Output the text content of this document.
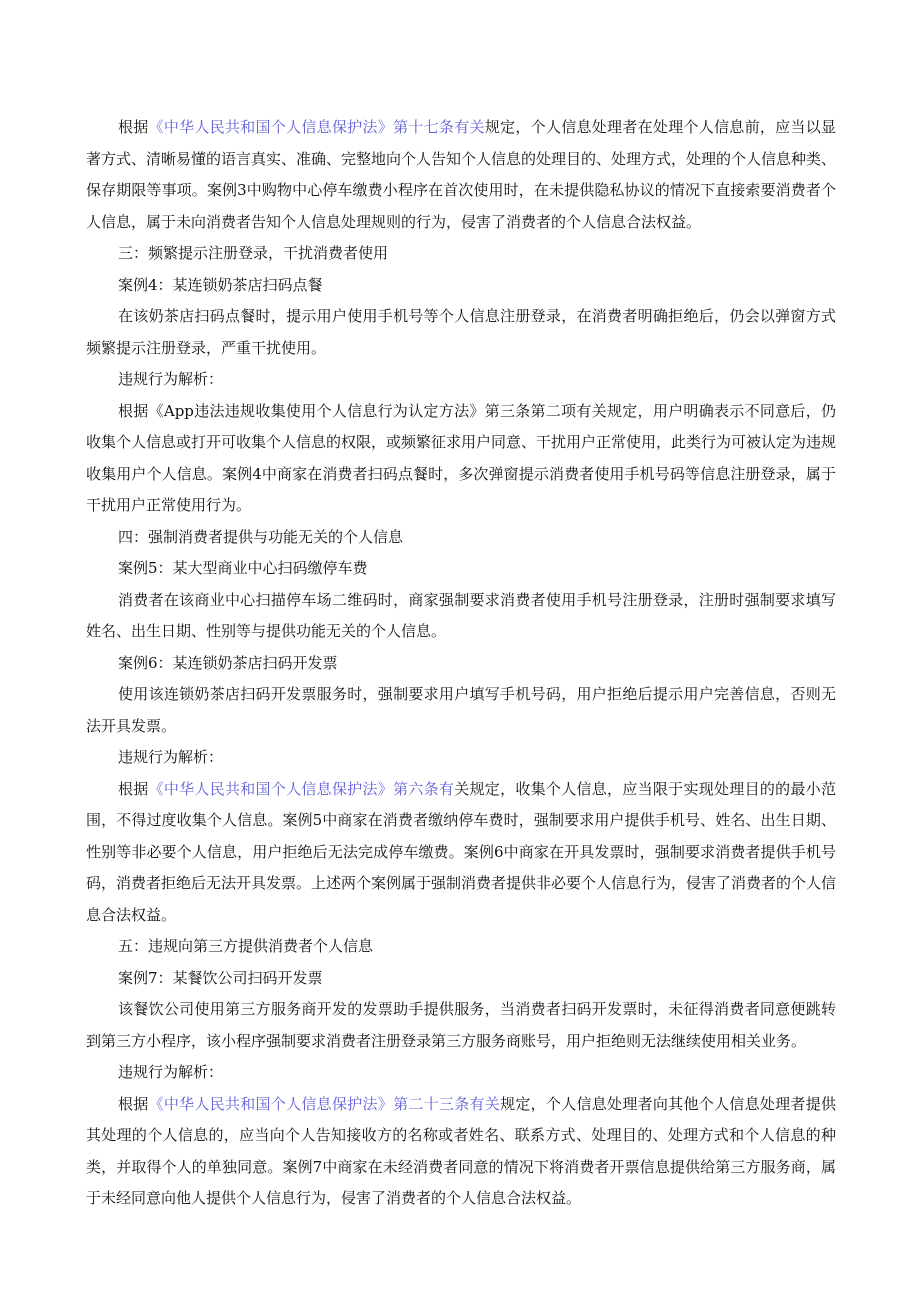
根据《中华人民共和国个人信息保护法》第十七条有关规定，个人信息处理者在处理个人信息前，应当以显著方式、清晰易懂的语言真实、准确、完整地向个人告知个人信息的处理目的、处理方式，处理的个人信息种类、保存期限等事项。案例3中购物中心停车缴费小程序在首次使用时，在未提供隐私协议的情况下直接索要消费者个人信息，属于未向消费者告知个人信息处理规则的行为，侵害了消费者的个人信息合法权益。

三：频繁提示注册登录，干扰消费者使用

案例4：某连锁奶茶店扫码点餐

在该奶茶店扫码点餐时，提示用户使用手机号等个人信息注册登录，在消费者明确拒绝后，仍会以弹窗方式频繁提示注册登录，严重干扰使用。

违规行为解析：

根据《App违法违规收集使用个人信息行为认定方法》第三条第二项有关规定，用户明确表示不同意后，仍收集个人信息或打开可收集个人信息的权限，或频繁征求用户同意、干扰用户正常使用，此类行为可被认定为违规收集用户个人信息。案例4中商家在消费者扫码点餐时，多次弹窗提示消费者使用手机号码等信息注册登录，属于干扰用户正常使用行为。

四：强制消费者提供与功能无关的个人信息

案例5：某大型商业中心扫码缴停车费

消费者在该商业中心扫描停车场二维码时，商家强制要求消费者使用手机号注册登录，注册时强制要求填写姓名、出生日期、性别等与提供功能无关的个人信息。

案例6：某连锁奶茶店扫码开发票

使用该连锁奶茶店扫码开发票服务时，强制要求用户填写手机号码，用户拒绝后提示用户完善信息，否则无法开具发票。

违规行为解析：

根据《中华人民共和国个人信息保护法》第六条有关规定，收集个人信息，应当限于实现处理目的的最小范围，不得过度收集个人信息。案例5中商家在消费者缴纳停车费时，强制要求用户提供手机号、姓名、出生日期、性别等非必要个人信息，用户拒绝后无法完成停车缴费。案例6中商家在开具发票时，强制要求消费者提供手机号码，消费者拒绝后无法开具发票。上述两个案例属于强制消费者提供非必要个人信息行为，侵害了消费者的个人信息合法权益。

五：违规向第三方提供消费者个人信息

案例7：某餐饮公司扫码开发票

该餐饮公司使用第三方服务商开发的发票助手提供服务，当消费者扫码开发票时，未征得消费者同意便跳转到第三方小程序，该小程序强制要求消费者注册登录第三方服务商账号，用户拒绝则无法继续使用相关业务。

违规行为解析：

根据《中华人民共和国个人信息保护法》第二十三条有关规定，个人信息处理者向其他个人信息处理者提供其处理的个人信息的，应当向个人告知接收方的名称或者姓名、联系方式、处理目的、处理方式和个人信息的种类，并取得个人的单独同意。案例7中商家在未经消费者同意的情况下将消费者开票信息提供给第三方服务商，属于未经同意向他人提供个人信息行为，侵害了消费者的个人信息合法权益。
